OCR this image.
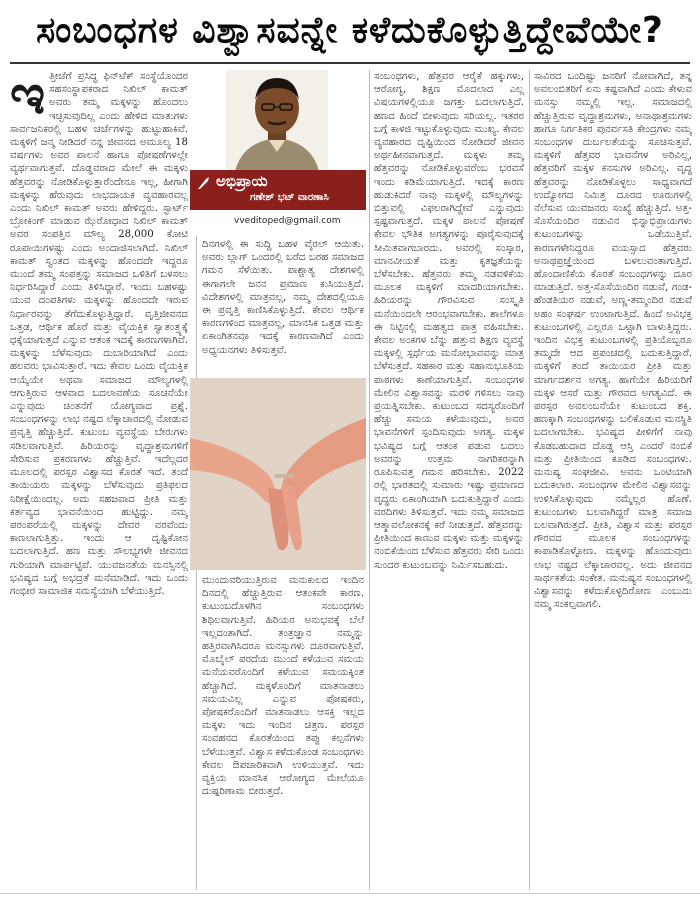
ಸಂಬಂಧಗಳ ವಿಶ್ವಾಸವನ್ನೇ ಕಳೆದುಕೊಳ್ಳುತ್ತಿದ್ದೇವೆಯೇ?
ಇ ತ್ತೀಚೆಗೆ ಪ್ರಸಿದ್ಧ ಫಿನ್‌ಟೆಕ್ ಸಂಸ್ಥೆಯೊಂದರ ಸಹಸಂಸ್ಥಾಪಕರಾದ ನಿಖಿಲ್ ಕಾಮತ್ ಅವರು ತಮ್ಮ ಮಕ್ಕಳನ್ನು ಹೊಂದಲು ಇಚ್ಛಿಸುವುದಿಲ್ಲ ಎಂದು ಹೇಳಿದ ಮಾತುಗಳು ಸಾರ್ವಜನಿಕರಲ್ಲಿ ಬಹಳ ಚರ್ಚೆಗಳನ್ನು ಹುಟ್ಟುಹಾಕಿವೆ. ಮಕ್ಕಳಿಗೆ ಜನ್ಮ ನೀಡಿದರೆ ನನ್ನ ಜೀವನದ ಅಮೂಲ್ಯ 18 ವರ್ಷಗಳು ಅವರ ಪಾಲನೆ ಹಾಗೂ ಪೋಷಣೆಗಳಲ್ಲೇ ವ್ಯರ್ಥವಾಗುತ್ತವೆ. ದೊಡ್ಡವರಾದ ಮೇಲೆ ಈ ಮಕ್ಕಳು ಹೆತ್ತವರನ್ನು ನೋಡಿಕೊಳ್ಳುತ್ತಾರೆಂದೇನೂ ಇಲ್ಲ, ಹೀಗಾಗಿ ಮಕ್ಕಳನ್ನು ಹೆರುವುದು ಲಾಭದಾಯಕ ವ್ಯವಹಾರವಲ್ಲ ಎಂದು ನಿಖಿಲ್ ಕಾಮತ್ ಅವರು ಹೇಳಿದ್ದರು. ಸ್ಟಾರ್ಟ್ ಬ್ರೋಕಿಂಗ್ ಮಾಡುವ ಝೆರೋಧಾದ ನಿಖಿಲ್ ಕಾಮತ್ ಅವರ ಸಂಪತ್ತಿನ ಮೌಲ್ಯ 28,000 ಕೋಟಿ ರೂಪಾಯಿಗಳಷ್ಟು ಎಂದು ಅಂದಾಜಿಸಲಾಗಿದೆ. ನಿಖಿಲ್ ಕಾಮತ್ ಸ್ವಂತದ ಮಕ್ಕಳನ್ನು ಹೊಂದದೇ ಇದ್ದರೂ ಮುಂದೆ ತಮ್ಮ ಸಂಪತ್ತನ್ನು ಸಮಾಜದ ಒಳಿತಿಗೆ ಬಳಸಲು ನಿರ್ಧರಿಸಿದ್ದಾರೆ ಎಂದು ತಿಳಿಸಿದ್ದಾರೆ. ಇಂದು ಬಹಳಷ್ಟು ಯುವ ದಂಪತಿಗಳು ಮಕ್ಕಳನ್ನು ಹೊಂದದೇ ಇರುವ ನಿರ್ಧಾರವನ್ನು ತೆಗೆದುಕೊಳ್ಳುತ್ತಿದ್ದಾರೆ. ವೃತ್ತಿಜೀವನದ ಒತ್ತಡ, ಆರ್ಥಿಕ ಹೊರೆ ಮತ್ತು ವೈಯಕ್ತಿಕ ಸ್ವಾತಂತ್ರ್ಯಕ್ಕೆ ಧಕ್ಕೆಯಾಗುತ್ತದೆ ಎನ್ನುವ ಆತಂಕ ಇದಕ್ಕೆ ಕಾರಣಗಳಾಗಿವೆ. ಮಕ್ಕಳನ್ನು ಬೆಳೆಸುವುದು ದುಬಾರಿಯಾಗಿದೆ ಎಂದು ಹಲವರು ಭಾವಿಸುತ್ತಾರೆ. ಇದು ಕೇವಲ ಒಂದು ವೈಯಕ್ತಿಕ ಆಯ್ಕೆಯೇ ಅಥವಾ ಸಮಾಜದ ಮೌಲ್ಯಗಳಲ್ಲಿ ಆಗುತ್ತಿರುವ ಆಳವಾದ ಬದಲಾವಣೆಯ ಸೂಚನೆಯೇ ಎನ್ನುವುದು ಚಿಂತನೆಗೆ ಯೋಗ್ಯವಾದ ಪ್ರಶ್ನೆ. ಸಂಬಂಧಗಳನ್ನು ಲಾಭ ನಷ್ಟದ ಲೆಕ್ಕಾಚಾರದಲ್ಲಿ ನೋಡುವ ಪ್ರವೃತ್ತಿ ಹೆಚ್ಚುತ್ತಿದೆ. ಕುಟುಂಬ ವ್ಯವಸ್ಥೆಯ ಬೇರುಗಳು ಸಡಿಲವಾಗುತ್ತಿವೆ. ಹಿರಿಯರನ್ನು ವೃದ್ಧಾಶ್ರಮಗಳಿಗೆ ಸೇರಿಸುವ ಪ್ರಕರಣಗಳು ಹೆಚ್ಚುತ್ತಿವೆ. ಇದೆಲ್ಲದರ ಮೂಲದಲ್ಲಿ ಪರಸ್ಪರ ವಿಶ್ವಾಸದ ಕೊರತೆ ಇದೆ. ತಂದೆ ತಾಯಿಯರು ಮಕ್ಕಳನ್ನು ಬೆಳೆಸುವುದು ಪ್ರತಿಫಲದ ನಿರೀಕ್ಷೆಯಿಂದಲ್ಲ. ಅದು ಸಹಜವಾದ ಪ್ರೀತಿ ಮತ್ತು ಕರ್ತವ್ಯದ ಭಾವನೆಯಿಂದ ಹುಟ್ಟಿದ್ದು. ನಮ್ಮ ಪರಂಪರೆಯಲ್ಲಿ ಮಕ್ಕಳನ್ನು ದೇವರ ವರವೆಂದು ಕಾಣಲಾಗುತ್ತಿತ್ತು. ಇಂದು ಆ ದೃಷ್ಟಿಕೋನ ಬದಲಾಗುತ್ತಿದೆ. ಹಣ ಮತ್ತು ಸೌಲಭ್ಯಗಳೇ ಜೀವನದ ಗುರಿಯಾಗಿ ಮಾರ್ಪಟ್ಟಿವೆ. ಯುವಜನತೆಯ ಮನಸ್ಸಿನಲ್ಲಿ ಭವಿಷ್ಯದ ಬಗ್ಗೆ ಅಭದ್ರತೆ ಮನೆಮಾಡಿದೆ. ಇದು ಒಂದು ಗಂಭೀರ ಸಾಮಾಜಿಕ ಸಮಸ್ಯೆಯಾಗಿ ಬೆಳೆಯುತ್ತಿದೆ.
ಅಭಿಪ್ರಾಯ
ಗಣೇಶ್ ಭಟ್ ವಾರಣಾಸಿ
vveditoped@gmail.com
ದಿನಗಳಲ್ಲಿ ಈ ಸುದ್ದಿ ಬಹಳ ವೈರಲ್ ಆಯಿತು. ಅವರು ಬ್ಲಾಗ್ ಒಂದರಲ್ಲಿ ಬರೆದ ಬರಹ ಸಮಾಜದ ಗಮನ ಸೆಳೆಯಿತು. ಪಾಶ್ಚಾತ್ಯ ದೇಶಗಳಲ್ಲಿ ಈಗಾಗಲೇ ಜನನ ಪ್ರಮಾಣ ಕುಸಿಯುತ್ತಿದೆ. ವಿದೇಶಗಳಲ್ಲಿ ಮಾತ್ರವಲ್ಲ, ನಮ್ಮ ದೇಶದಲ್ಲಿಯೂ ಈ ಪ್ರವೃತ್ತಿ ಕಾಣಿಸಿಕೊಳ್ಳುತ್ತಿದೆ. ಕೇವಲ ಆರ್ಥಿಕ ಕಾರಣಗಳಿಂದ ಮಾತ್ರವಲ್ಲ, ಮಾನಸಿಕ ಒತ್ತಡ ಮತ್ತು ಏಕಾಂಗಿತನವೂ ಇದಕ್ಕೆ ಕಾರಣವಾಗಿದೆ ಎಂದು ಅಧ್ಯಯನಗಳು ತಿಳಿಸುತ್ತವೆ.
ಮುಂದುವರಿಯುತ್ತಿರುವ ಮನುಕುಲದ ಇಂದಿನ ದಿನದಲ್ಲಿ ಹೆಚ್ಚುತ್ತಿರುವ ಆತಂಕವೇ ಕಾರಣ. ಕುಟುಂಬದೊಳಗಿನ ಸಂಬಂಧಗಳು ಶಿಥಿಲವಾಗುತ್ತಿವೆ. ಹಿರಿಯರ ಅನುಭವಕ್ಕೆ ಬೆಲೆ ಇಲ್ಲದಂತಾಗಿದೆ. ತಂತ್ರಜ್ಞಾನ ನಮ್ಮನ್ನು ಹತ್ತಿರವಾಗಿಸಿದರೂ ಮನಸ್ಸುಗಳು ದೂರವಾಗುತ್ತಿವೆ. ಮೊಬೈಲ್ ಪರದೆಯ ಮುಂದೆ ಕಳೆಯುವ ಸಮಯ ಮನೆಯವರೊಂದಿಗೆ ಕಳೆಯುವ ಸಮಯಕ್ಕಿಂತ ಹೆಚ್ಚಾಗಿದೆ. ಮಕ್ಕಳೊಂದಿಗೆ ಮಾತನಾಡಲು ಸಮಯವಿಲ್ಲ ಎನ್ನುವ ಪೋಷಕರು, ಪೋಷಕರೊಂದಿಗೆ ಮಾತನಾಡಲು ಆಸಕ್ತಿ ಇಲ್ಲದ ಮಕ್ಕಳು ಇದು ಇಂದಿನ ಚಿತ್ರಣ. ಪರಸ್ಪರ ಸಂವಹನದ ಕೊರತೆಯಿಂದ ತಪ್ಪು ಕಲ್ಪನೆಗಳು ಬೆಳೆಯುತ್ತವೆ. ವಿಶ್ವಾಸ ಕಳೆದುಕೊಂಡ ಸಂಬಂಧಗಳು ಕೇವಲ ಔಪಚಾರಿಕವಾಗಿ ಉಳಿಯುತ್ತವೆ. ಇದು ವ್ಯಕ್ತಿಯ ಮಾನಸಿಕ ಆರೋಗ್ಯದ ಮೇಲೆಯೂ ದುಷ್ಪರಿಣಾಮ ಬೀರುತ್ತದೆ.
ಸಂಬಂಧಗಳು, ಹೆತ್ತವರ ಆರೈಕೆ ಹಕ್ಕುಗಳು, ಆರೋಗ್ಯ, ಶಿಕ್ಷಣ ಮೊದಲಾದ ಎಲ್ಲ ವಿಷಯಗಳಲ್ಲಿಯೂ ಜಗತ್ತು ಬದಲಾಗುತ್ತಿದೆ. ಹಣದ ಹಿಂದೆ ಬೀಳುವುದು ಸರಿಯಲ್ಲ. ಇತರರ ಬಗ್ಗೆ ಕಾಳಜಿ ಇಟ್ಟುಕೊಳ್ಳುವುದು ಮುಖ್ಯ. ಕೇವಲ ವ್ಯವಹಾರದ ದೃಷ್ಟಿಯಿಂದ ನೋಡಿದರೆ ಜೀವನ ಅರ್ಥಹೀನವಾಗುತ್ತದೆ. ಮಕ್ಕಳು ತಮ್ಮ ಹೆತ್ತವರನ್ನು ನೋಡಿಕೊಳ್ಳುವರೆಂಬ ಭರವಸೆ ಇಂದು ಕಡಿಮೆಯಾಗುತ್ತಿದೆ. ಇದಕ್ಕೆ ಕಾರಣ ಹುಡುಕಿದರೆ ನಾವು ಮಕ್ಕಳಲ್ಲಿ ಮೌಲ್ಯಗಳನ್ನು ಬಿತ್ತುವಲ್ಲಿ ವಿಫಲರಾಗಿದ್ದೇವೆ ಎನ್ನುವುದು ಸ್ಪಷ್ಟವಾಗುತ್ತದೆ. ಮಕ್ಕಳ ಪಾಲನೆ ಪೋಷಣೆ ಕೇವಲ ಭೌತಿಕ ಅಗತ್ಯಗಳನ್ನು ಪೂರೈಸುವುದಕ್ಕೆ ಸೀಮಿತವಾಗಬಾರದು. ಅವರಲ್ಲಿ ಸಂಸ್ಕಾರ, ಮಾನವೀಯತೆ ಮತ್ತು ಕೃತಜ್ಞತೆಯನ್ನು ಬೆಳೆಸಬೇಕು. ಹೆತ್ತವರು ತಮ್ಮ ನಡವಳಿಕೆಯ ಮೂಲಕ ಮಕ್ಕಳಿಗೆ ಮಾದರಿಯಾಗಬೇಕು. ಹಿರಿಯರನ್ನು ಗೌರವಿಸುವ ಸಂಸ್ಕೃತಿ ಮನೆಯಿಂದಲೇ ಆರಂಭವಾಗಬೇಕು. ಶಾಲೆಗಳೂ ಈ ನಿಟ್ಟಿನಲ್ಲಿ ಮಹತ್ವದ ಪಾತ್ರ ವಹಿಸಬೇಕು. ಕೇವಲ ಅಂಕಗಳ ಬೆನ್ನು ಹತ್ತುವ ಶಿಕ್ಷಣ ವ್ಯವಸ್ಥೆ ಮಕ್ಕಳಲ್ಲಿ ಸ್ಪರ್ಧೆಯ ಮನೋಭಾವವನ್ನು ಮಾತ್ರ ಬೆಳೆಸುತ್ತದೆ. ಸಹಕಾರ ಮತ್ತು ಸಹಾನುಭೂತಿಯ ಪಾಠಗಳು ಕಾಣೆಯಾಗುತ್ತಿವೆ. ಸಂಬಂಧಗಳ ಮೇಲಿನ ವಿಶ್ವಾಸವನ್ನು ಮರಳಿ ಗಳಿಸಲು ನಾವು ಪ್ರಯತ್ನಿಸಬೇಕು. ಕುಟುಂಬದ ಸದಸ್ಯರೊಂದಿಗೆ ಹೆಚ್ಚು ಸಮಯ ಕಳೆಯುವುದು, ಅವರ ಭಾವನೆಗಳಿಗೆ ಸ್ಪಂದಿಸುವುದು ಅಗತ್ಯ. ಮಕ್ಕಳ ಭವಿಷ್ಯದ ಬಗ್ಗೆ ಆತಂಕ ಪಡುವ ಬದಲು ಅವರನ್ನು ಉತ್ತಮ ನಾಗರಿಕರನ್ನಾಗಿ ರೂಪಿಸುವತ್ತ ಗಮನ ಹರಿಸಬೇಕು. 2022 ರಲ್ಲಿ ಭಾರತದಲ್ಲಿ ಸುಮಾರು ಇಷ್ಟು ಪ್ರಮಾಣದ ವೃದ್ಧರು ಏಕಾಂಗಿಯಾಗಿ ಬದುಕುತ್ತಿದ್ದಾರೆ ಎಂದು ವರದಿಗಳು ತಿಳಿಸುತ್ತವೆ. ಇದು ನಮ್ಮ ಸಮಾಜದ ಆತ್ಮಾವಲೋಕನಕ್ಕೆ ಕರೆ ನೀಡುತ್ತದೆ. ಹೆತ್ತವರನ್ನು ಪ್ರೀತಿಯಿಂದ ಕಾಣುವ ಮಕ್ಕಳು ಮತ್ತು ಮಕ್ಕಳನ್ನು ನಂಬಿಕೆಯಿಂದ ಬೆಳೆಸುವ ಹೆತ್ತವರು ಸೇರಿ ಒಂದು ಸುಂದರ ಕುಟುಂಬವನ್ನು ನಿರ್ಮಿಸಬಹುದು.
ಸಾವಿರದ ಒಂದಿಷ್ಟು ಜನರಿಗೆ ನೋವಾಗಿದೆ, ತನ್ನ ಅವಲಂಬಿತರಿಗೆ ಏನು ಕಷ್ಟವಾಗಿದೆ ಎಂದು ಕೇಳುವ ಮನಸ್ಸು ನಮ್ಮಲ್ಲಿ ಇಲ್ಲ. ಸಮಾಜದಲ್ಲಿ ಹೆಚ್ಚುತ್ತಿರುವ ವೃದ್ಧಾಶ್ರಮಗಳು, ಅನಾಥಾಶ್ರಮಗಳು ಹಾಗೂ ನಿರ್ಗತಿಕರ ಪುನರ್ವಸತಿ ಕೇಂದ್ರಗಳು ನಮ್ಮ ಸಂಬಂಧಗಳ ದುರ್ಬಲತೆಯನ್ನು ಸೂಚಿಸುತ್ತವೆ. ಮಕ್ಕಳಿಗೆ ಹೆತ್ತವರ ಭಾವನೆಗಳ ಅರಿವಿಲ್ಲ, ಹೆತ್ತವರಿಗೆ ಮಕ್ಕಳ ಕನಸುಗಳ ಅರಿವಿಲ್ಲ. ವೃದ್ಧ ಹೆತ್ತವರನ್ನು ನೋಡಿಕೊಳ್ಳಲು ಸಾಧ್ಯವಾಗದೆ ಉದ್ಯೋಗದ ನಿಮಿತ್ತ ದೂರದ ಊರುಗಳಲ್ಲಿ ನೆಲೆಸುವ ಯುವಜನರು ಸಂಖ್ಯೆ ಹೆಚ್ಚುತ್ತಿದೆ. ಅತ್ತ-ಸೊಸೆಯಂದಿರ ನಡುವಿನ ಭಿನ್ನಾಭಿಪ್ರಾಯಗಳು ಕುಟುಂಬಗಳನ್ನು ಒಡೆಯುತ್ತಿವೆ. ಕಾರಣಗಳೇನಿದ್ದರೂ ವಯಸ್ಸಾದ ಹೆತ್ತವರು ಅನಾಥಪ್ರಜ್ಞೆಯಿಂದ ಬಳಲುವಂತಾಗುತ್ತಿದೆ. ಹೊಂದಾಣಿಕೆಯ ಕೊರತೆ ಸಂಬಂಧಗಳನ್ನು ದೂರ ಮಾಡುತ್ತಿದೆ. ಅತ್ತ-ಸೊಸೆಯಂದಿರ ನಡುವೆ, ಗಂಡ-ಹೆಂಡತಿಯರ ನಡುವೆ, ಅಣ್ಣ-ತಮ್ಮಂದಿರ ನಡುವೆ ಅಹಂ ಸಂಘರ್ಷ ಉಂಟಾಗುತ್ತಿದೆ. ಹಿಂದೆ ಅವಿಭಕ್ತ ಕುಟುಂಬಗಳಲ್ಲಿ ಎಲ್ಲರೂ ಒಟ್ಟಾಗಿ ಬಾಳುತ್ತಿದ್ದರು. ಇಂದಿನ ವಿಭಕ್ತ ಕುಟುಂಬಗಳಲ್ಲಿ ಪ್ರತಿಯೊಬ್ಬರೂ ತಮ್ಮದೇ ಆದ ಪ್ರಪಂಚದಲ್ಲಿ ಬದುಕುತ್ತಿದ್ದಾರೆ. ಮಕ್ಕಳಿಗೆ ತಂದೆ ತಾಯಿಯರ ಪ್ರೀತಿ ಮತ್ತು ಮಾರ್ಗದರ್ಶನ ಅಗತ್ಯ. ಹಾಗೆಯೇ ಹಿರಿಯರಿಗೆ ಮಕ್ಕಳ ಆಸರೆ ಮತ್ತು ಗೌರವದ ಅಗತ್ಯವಿದೆ. ಈ ಪರಸ್ಪರ ಅವಲಂಬನೆಯೇ ಕುಟುಂಬದ ಶಕ್ತಿ. ಹಣಕ್ಕಾಗಿ ಸಂಬಂಧಗಳನ್ನು ಬಲಿಕೊಡುವ ಮನಸ್ಥಿತಿ ಬದಲಾಗಬೇಕು. ಭವಿಷ್ಯದ ಪೀಳಿಗೆಗೆ ನಾವು ಕೊಡಬಹುದಾದ ದೊಡ್ಡ ಆಸ್ತಿ ಎಂದರೆ ನಂಬಿಕೆ ಮತ್ತು ಪ್ರೀತಿಯಿಂದ ಕೂಡಿದ ಸಂಬಂಧಗಳು. ಮನುಷ್ಯ ಸಂಘಜೀವಿ. ಅವನು ಒಂಟಿಯಾಗಿ ಬದುಕಲಾರ. ಸಂಬಂಧಗಳ ಮೇಲಿನ ವಿಶ್ವಾಸವನ್ನು ಉಳಿಸಿಕೊಳ್ಳುವುದು ನಮ್ಮೆಲ್ಲರ ಹೊಣೆ. ಕುಟುಂಬಗಳು ಬಲವಾಗಿದ್ದರೆ ಮಾತ್ರ ಸಮಾಜ ಬಲವಾಗಿರುತ್ತದೆ. ಪ್ರೀತಿ, ವಿಶ್ವಾಸ ಮತ್ತು ಪರಸ್ಪರ ಗೌರವದ ಮೂಲಕ ಸಂಬಂಧಗಳನ್ನು ಕಾಪಾಡಿಕೊಳ್ಳೋಣ. ಮಕ್ಕಳನ್ನು ಹೊಂದುವುದು ಲಾಭ ನಷ್ಟದ ಲೆಕ್ಕಾಚಾರವಲ್ಲ. ಅದು ಜೀವನದ ಸಾರ್ಥಕತೆಯ ಸಂಕೇತ. ಮನುಷ್ಯನ ಸಂಬಂಧಗಳಲ್ಲಿ ವಿಶ್ವಾಸವನ್ನು ಕಳೆದುಕೊಳ್ಳದಿರೋಣ ಎಂಬುದು ನಮ್ಮ ಸಂಕಲ್ಪವಾಗಲಿ.
